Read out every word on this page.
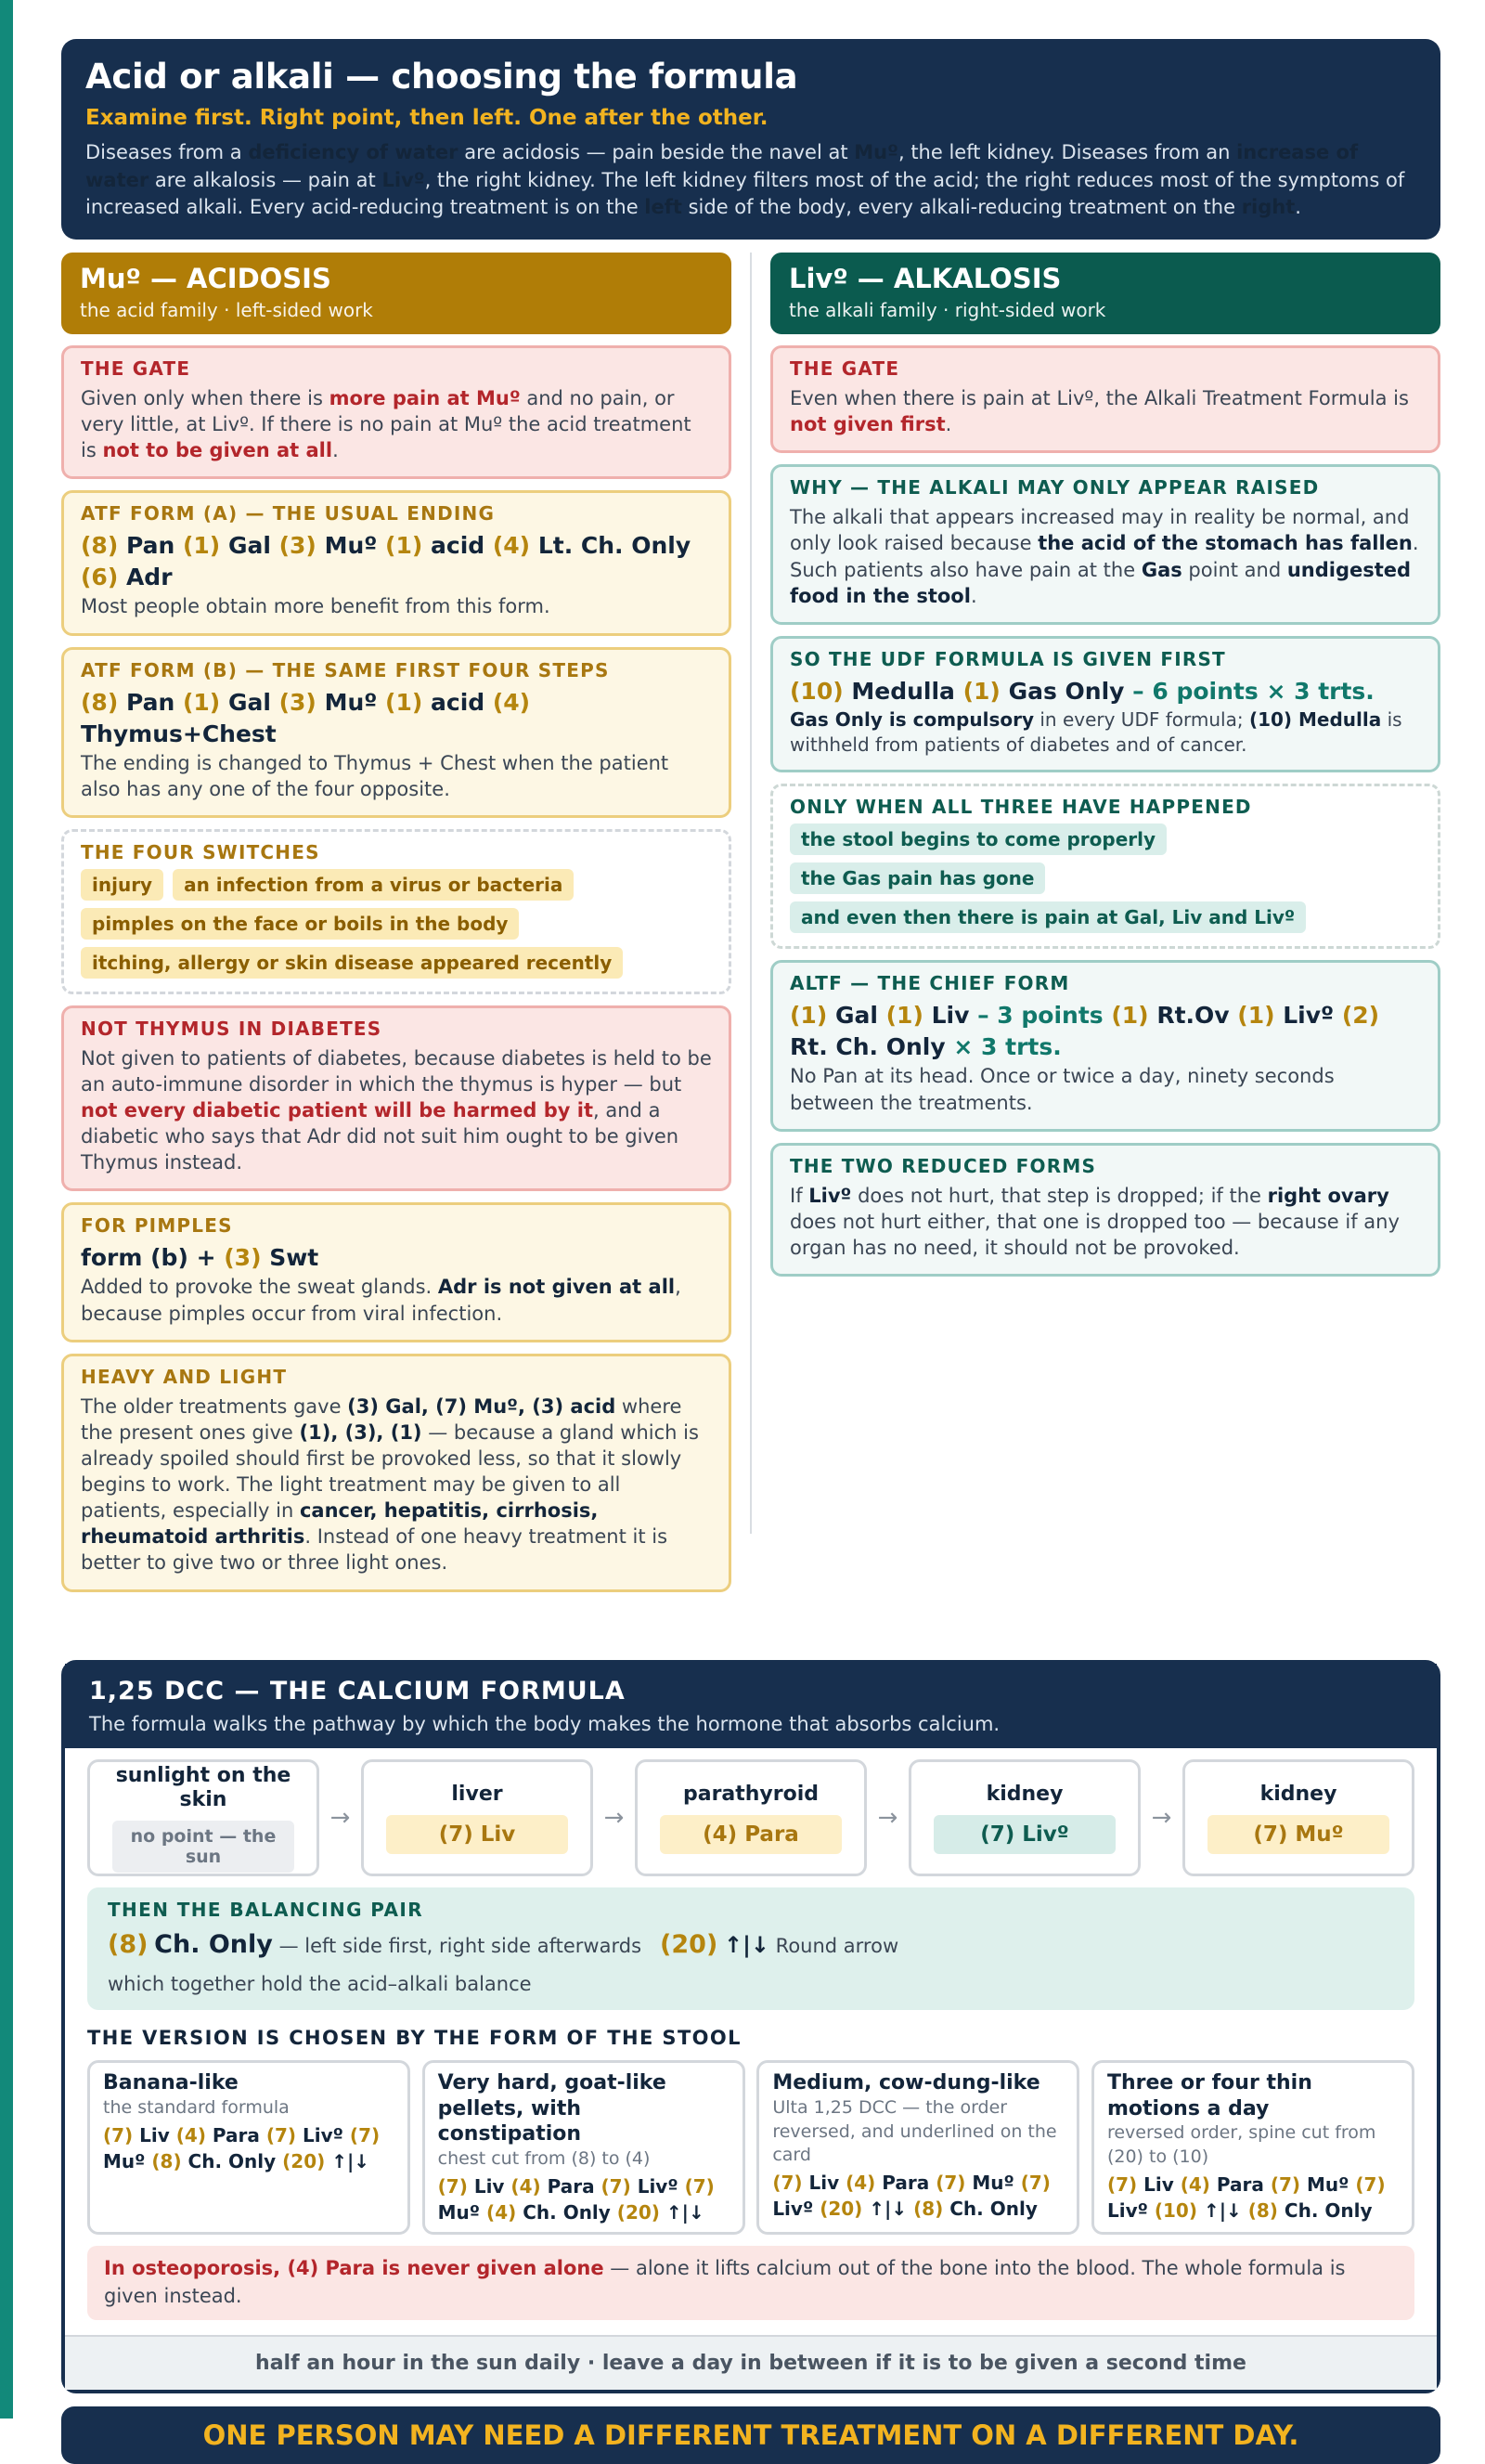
Acid or alkali — choosing the formula
Examine first. Right point, then left. One after the other.
Diseases from a deficiency of water are acidosis — pain beside the navel at Muº, the left kidney. Diseases from an increase of water are alkalosis — pain at Livº, the right kidney. The left kidney filters most of the acid; the right reduces most of the symptoms of increased alkali. Every acid-reducing treatment is on the left side of the body, every alkali-reducing treatment on the right.
Muº — ACIDOSIS
the acid family · left-sided work
THE GATE
Given only when there is more pain at Muº and no pain, or very little, at Livº. If there is no pain at Muº the acid treatment is not to be given at all.
ATF FORM (A) — THE USUAL ENDING
(8) Pan (1) Gal (3) Muº (1) acid (4) Lt. Ch. Only (6) Adr
Most people obtain more benefit from this form.
ATF FORM (B) — THE SAME FIRST FOUR STEPS
(8) Pan (1) Gal (3) Muº (1) acid (4) Thymus+Chest
The ending is changed to Thymus + Chest when the patient also has any one of the four opposite.
THE FOUR SWITCHES
injury	an infection from a virus or bacteria
pimples on the face or boils in the body
itching, allergy or skin disease appeared recently
NOT THYMUS IN DIABETES
Not given to patients of diabetes, because diabetes is held to be an auto-immune disorder in which the thymus is hyper — but not every diabetic patient will be harmed by it, and a diabetic who says that Adr did not suit him ought to be given Thymus instead.
FOR PIMPLES
form (b) + (3) Swt
Added to provoke the sweat glands. Adr is not given at all, because pimples occur from viral infection.
HEAVY AND LIGHT
The older treatments gave (3) Gal, (7) Muº, (3) acid where the present ones give (1), (3), (1) — because a gland which is already spoiled should first be provoked less, so that it slowly begins to work. The light treatment may be given to all patients, especially in cancer, hepatitis, cirrhosis, rheumatoid arthritis. Instead of one heavy treatment it is better to give two or three light ones.
Livº — ALKALOSIS
the alkali family · right-sided work
THE GATE
Even when there is pain at Livº, the Alkali Treatment Formula is not given first.
WHY — THE ALKALI MAY ONLY APPEAR RAISED
The alkali that appears increased may in reality be normal, and only look raised because the acid of the stomach has fallen. Such patients also have pain at the Gas point and undigested food in the stool.
SO THE UDF FORMULA IS GIVEN FIRST
(10) Medulla (1) Gas Only – 6 points × 3 trts.
Gas Only is compulsory in every UDF formula; (10) Medulla is withheld from patients of diabetes and of cancer.
ONLY WHEN ALL THREE HAVE HAPPENED
the stool begins to come properly
the Gas pain has gone
and even then there is pain at Gal, Liv and Livº
ALTF — THE CHIEF FORM
(1) Gal (1) Liv – 3 points (1) Rt.Ov (1) Livº (2) Rt. Ch. Only × 3 trts.
No Pan at its head. Once or twice a day, ninety seconds between the treatments.
THE TWO REDUCED FORMS
If Livº does not hurt, that step is dropped; if the right ovary does not hurt either, that one is dropped too — because if any organ has no need, it should not be provoked.
1,25 DCC — THE CALCIUM FORMULA
The formula walks the pathway by which the body makes the hormone that absorbs calcium.
sunlight on the skin
no point — the sun
→
liver
(7) Liv
→
parathyroid
(4) Para
→
kidney
(7) Livº
→
kidney
(7) Muº
THEN THE BALANCING PAIR
(8) Ch. Only — left side first, right side afterwards (20) ↑|↓ Round arrow
which together hold the acid–alkali balance
THE VERSION IS CHOSEN BY THE FORM OF THE STOOL
Banana-like
the standard formula
(7) Liv (4) Para (7) Livº (7) Muº (8) Ch. Only (20) ↑|↓
Very hard, goat-like pellets, with constipation
chest cut from (8) to (4)
(7) Liv (4) Para (7) Livº (7) Muº (4) Ch. Only (20) ↑|↓
Medium, cow-dung-like
Ulta 1,25 DCC — the order reversed, and underlined on the card
(7) Liv (4) Para (7) Muº (7) Livº (20) ↑|↓ (8) Ch. Only
Three or four thin motions a day
reversed order, spine cut from (20) to (10)
(7) Liv (4) Para (7) Muº (7) Livº (10) ↑|↓ (8) Ch. Only
In osteoporosis, (4) Para is never given alone — alone it lifts calcium out of the bone into the blood. The whole formula is given instead.
half an hour in the sun daily · leave a day in between if it is to be given a second time
ONE PERSON MAY NEED A DIFFERENT TREATMENT ON A DIFFERENT DAY.
